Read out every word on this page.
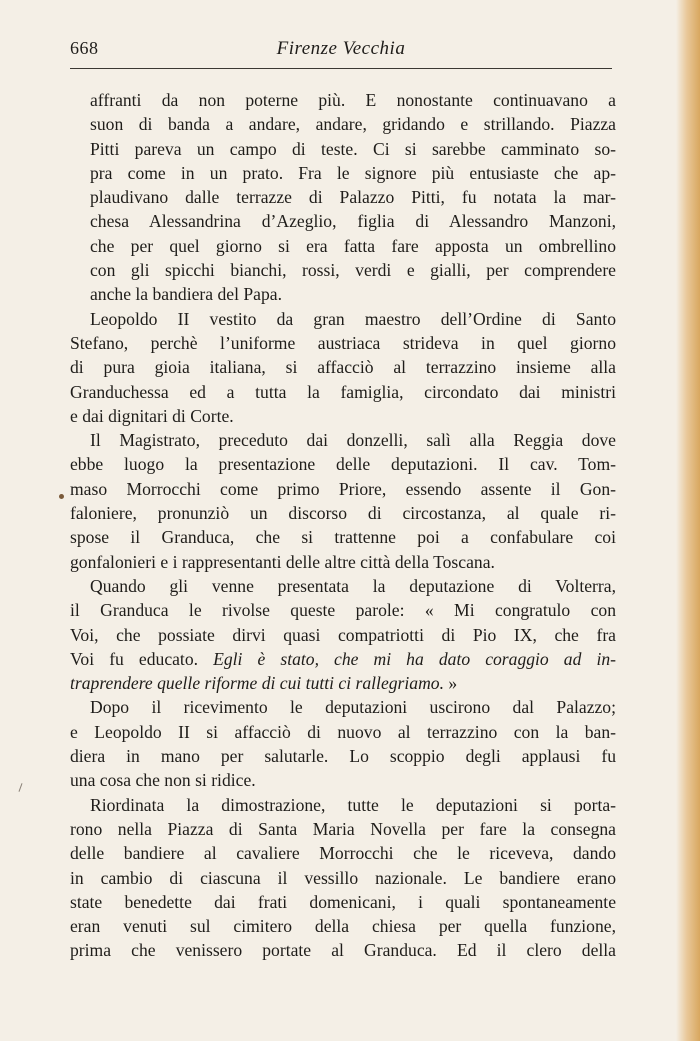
668	Firenze Vecchia

affranti da non poterne più. E nonostante continuavano a
suon di banda a andare, andare, gridando e strillando. Piazza
Pitti pareva un campo di teste. Ci si sarebbe camminato so-
pra come in un prato. Fra le signore più entusiaste che ap-
plaudivano dalle terrazze di Palazzo Pitti, fu notata la mar-
chesa Alessandrina d’Azeglio, figlia di Alessandro Manzoni,
che per quel giorno si era fatta fare apposta un ombrellino
con gli spicchi bianchi, rossi, verdi e gialli, per comprendere
anche la bandiera del Papa.

Leopoldo II vestito da gran maestro dell’Ordine di Santo
Stefano, perchè l’uniforme austriaca strideva in quel giorno
di pura gioia italiana, si affacciò al terrazzino insieme alla
Granduchessa ed a tutta la famiglia, circondato dai ministri
e dai dignitari di Corte.

Il Magistrato, preceduto dai donzelli, salì alla Reggia dove
ebbe luogo la presentazione delle deputazioni. Il cav. Tom-
maso Morrocchi come primo Priore, essendo assente il Gon-
faloniere, pronunziò un discorso di circostanza, al quale ri-
spose il Granduca, che si trattenne poi a confabulare coi
gonfalonieri e i rappresentanti delle altre città della Toscana.

Quando gli venne presentata la deputazione di Volterra,
il Granduca le rivolse queste parole: « Mi congratulo con
Voi, che possiate dirvi quasi compatriotti di Pio IX, che fra
Voi fu educato. Egli è stato, che mi ha dato coraggio ad in-
traprendere quelle riforme di cui tutti ci rallegriamo. »

Dopo il ricevimento le deputazioni uscirono dal Palazzo;
e Leopoldo II si affacciò di nuovo al terrazzino con la ban-
diera in mano per salutarle. Lo scoppio degli applausi fu
una cosa che non si ridice.

Riordinata la dimostrazione, tutte le deputazioni si porta-
rono nella Piazza di Santa Maria Novella per fare la consegna
delle bandiere al cavaliere Morrocchi che le riceveva, dando
in cambio di ciascuna il vessillo nazionale. Le bandiere erano
state benedette dai frati domenicani, i quali spontaneamente
eran venuti sul cimitero della chiesa per quella funzione,
prima che venissero portate al Granduca. Ed il clero della
